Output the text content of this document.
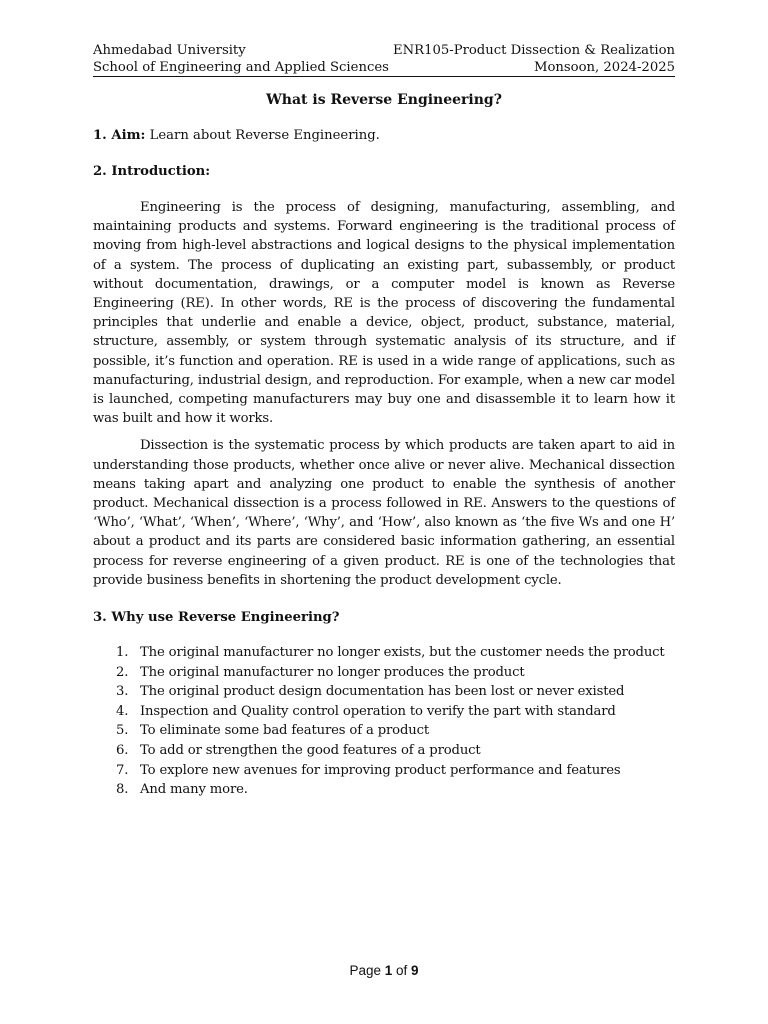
Ahmedabad University	ENR105-Product Dissection & Realization
School of Engineering and Applied Sciences	Monsoon, 2024-2025
What is Reverse Engineering?
1. Aim: Learn about Reverse Engineering.
2. Introduction:

Engineering is the process of designing, manufacturing, assembling, and maintaining products and systems. Forward engineering is the traditional process of moving from high-level abstractions and logical designs to the physical implementation of a system. The process of duplicating an existing part, subassembly, or product without documentation, drawings, or a computer model is known as Reverse Engineering (RE). In other words, RE is the process of discovering the fundamental principles that underlie and enable a device, object, product, substance, material, structure, assembly, or system through systematic analysis of its structure, and if possible, it’s function and operation. RE is used in a wide range of applications, such as manufacturing, industrial design, and reproduction. For example, when a new car model is launched, competing manufacturers may buy one and disassemble it to learn how it was built and how it works.

Dissection is the systematic process by which products are taken apart to aid in understanding those products, whether once alive or never alive. Mechanical dissection means taking apart and analyzing one product to enable the synthesis of another product. Mechanical dissection is a process followed in RE. Answers to the questions of ‘Who’, ‘What’, ‘When’, ‘Where’, ‘Why’, and ‘How’, also known as ‘the five Ws and one H’ about a product and its parts are considered basic information gathering, an essential process for reverse engineering of a given product. RE is one of the technologies that provide business benefits in shortening the product development cycle.

3. Why use Reverse Engineering?
1. The original manufacturer no longer exists, but the customer needs the product
2. The original manufacturer no longer produces the product
3. The original product design documentation has been lost or never existed
4. Inspection and Quality control operation to verify the part with standard
5. To eliminate some bad features of a product
6. To add or strengthen the good features of a product
7. To explore new avenues for improving product performance and features
8. And many more.
Page 1 of 9
